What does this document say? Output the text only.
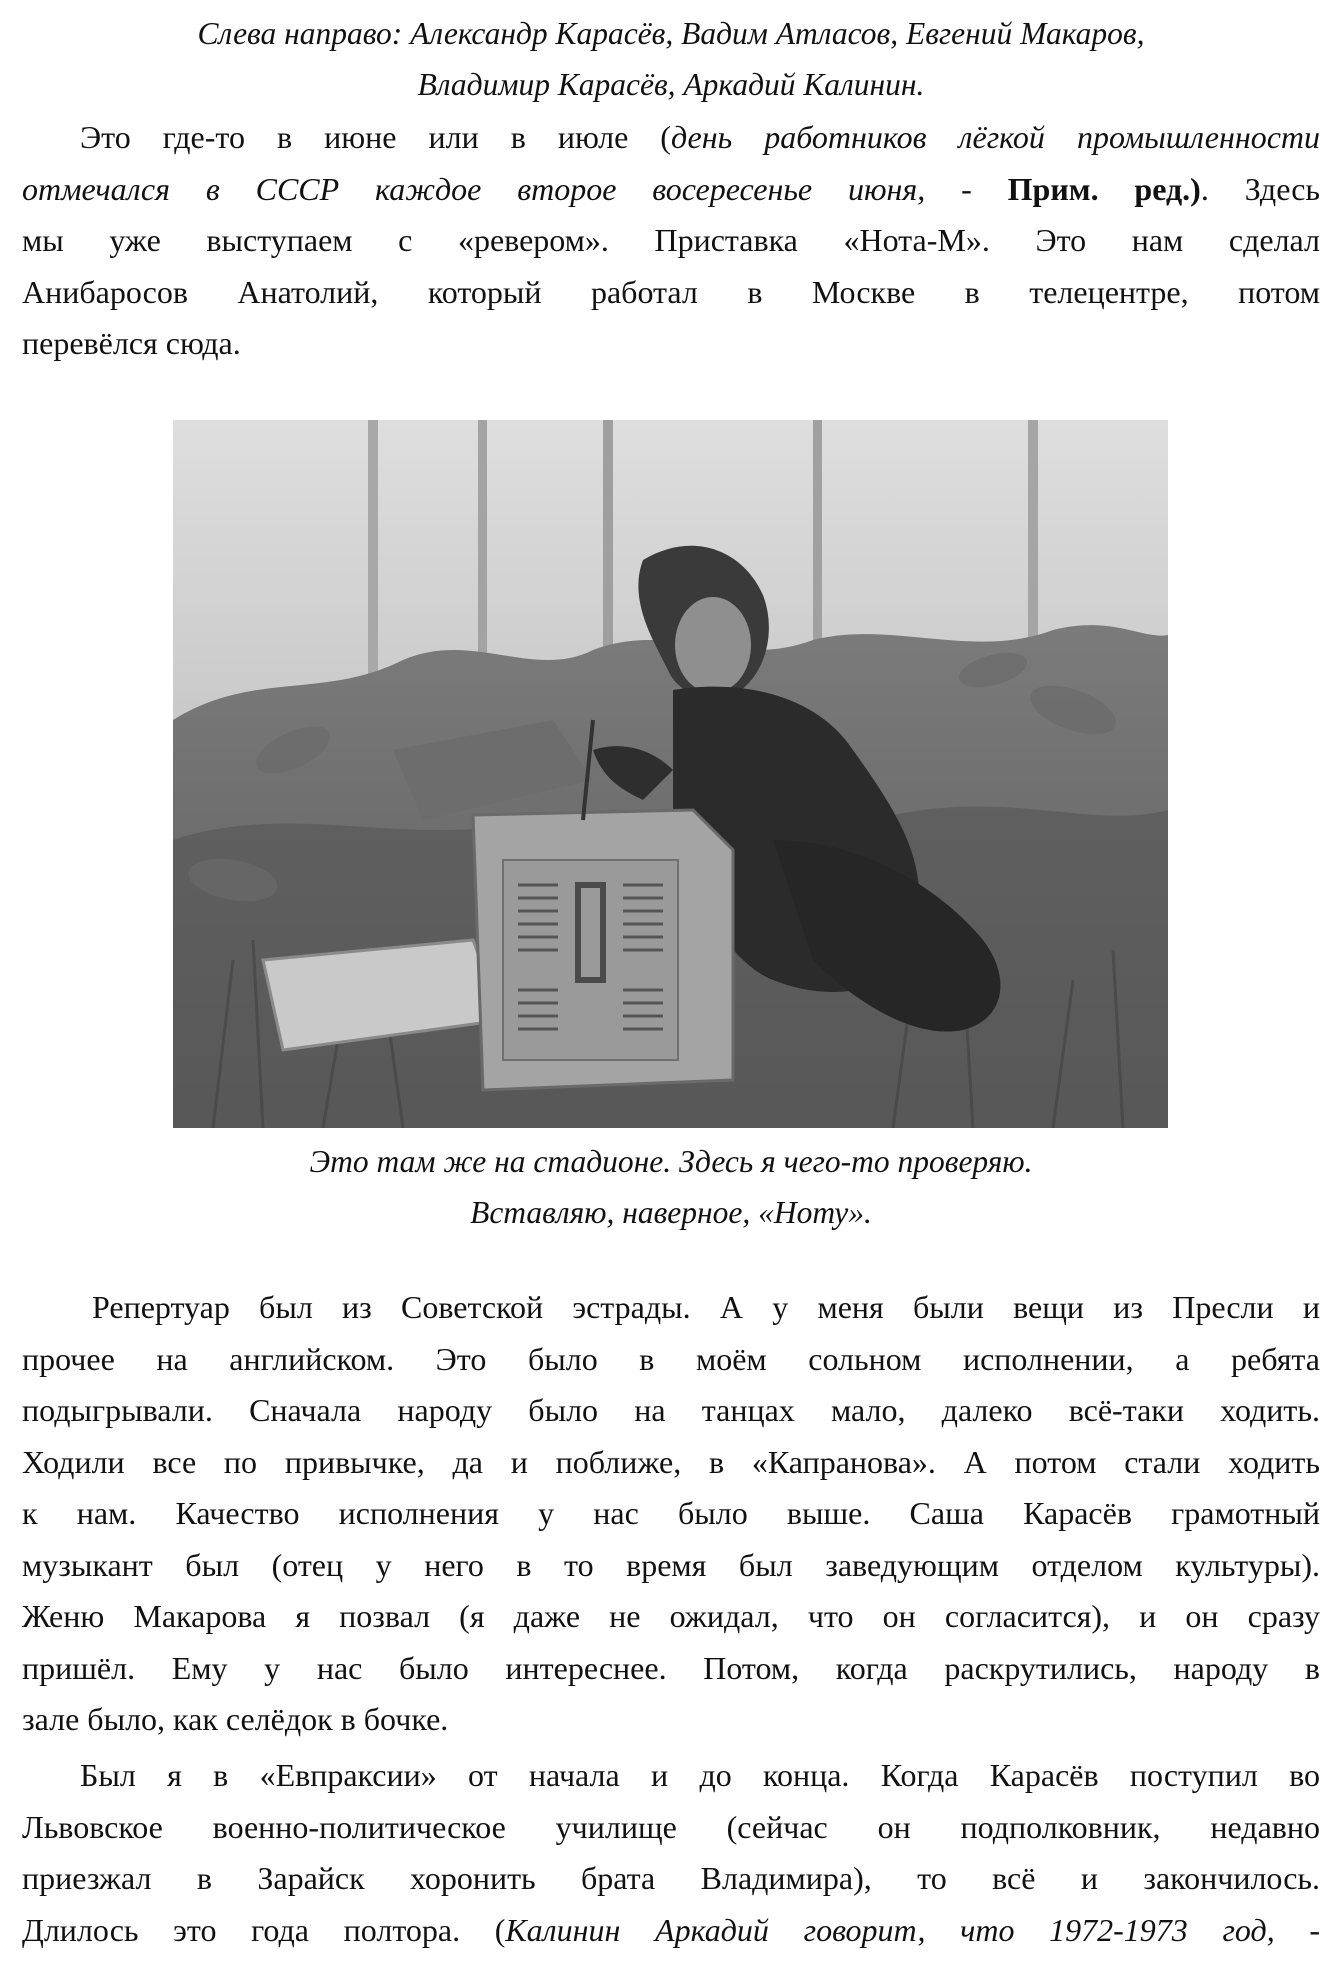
Слева направо: Александр Карасёв, Вадим Атласов, Евгений Макаров,

Владимир Карасёв, Аркадий Калинин.

Это где-то в июне или в июле (день работников лёгкой промышленности
отмечался в СССР каждое второе восересенье июня, - Прим. ред.). Здесь
мы уже выступаем с «ревером». Приставка «Нота-М». Это нам сделал
Анибаросов Анатолий, который работал в Москве в телецентре, потом
перевёлся сюда.

Это там же на стадионе. Здесь я чего-то проверяю.

Вставляю, наверное, «Ноту».

Репертуар был из Советской эстрады. А у меня были вещи из Пресли и
прочее на английском. Это было в моём сольном исполнении, а ребята
подыгрывали. Сначала народу было на танцах мало, далеко всё-таки ходить.
Ходили все по привычке, да и поближе, в «Капранова». А потом стали ходить
к нам. Качество исполнения у нас было выше. Саша Карасёв грамотный
музыкант был (отец у него в то время был заведующим отделом культуры).
Женю Макарова я позвал (я даже не ожидал, что он согласится), и он сразу
пришёл. Ему у нас было интереснее. Потом, когда раскрутились, народу в
зале было, как селёдок в бочке.

Был я в «Евпраксии» от начала и до конца. Когда Карасёв поступил во
Львовское военно-политическое училище (сейчас он подполковник, недавно
приезжал в Зарайск хоронить брата Владимира), то всё и закончилось.
Длилось это года полтора. (Калинин Аркадий говорит, что 1972-1973 год, -
